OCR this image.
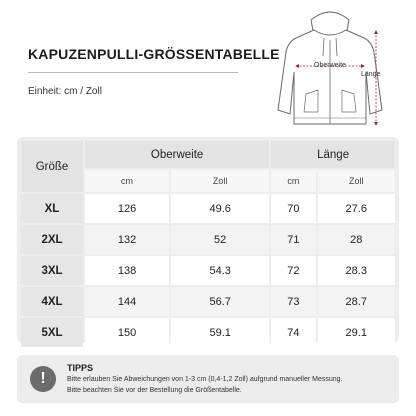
KAPUZENPULLI-GRÖSSENTABELLE
Einheit: cm / Zoll
Oberweite
Länge
Größe	Oberweite		Länge	
	cm	Zoll	cm	Zoll
XL	126	49.6	70	27.6
2XL	132	52	71	28
3XL	138	54.3	72	28.3
4XL	144	56.7	73	28.7
5XL	150	59.1	74	29.1
!
TIPPS
Bitte erlauben Sie Abweichungen von 1-3 cm (0,4-1,2 Zoll) aufgrund manueller Messung.
Bitte beachten Sie vor der Bestellung die Größentabelle.
